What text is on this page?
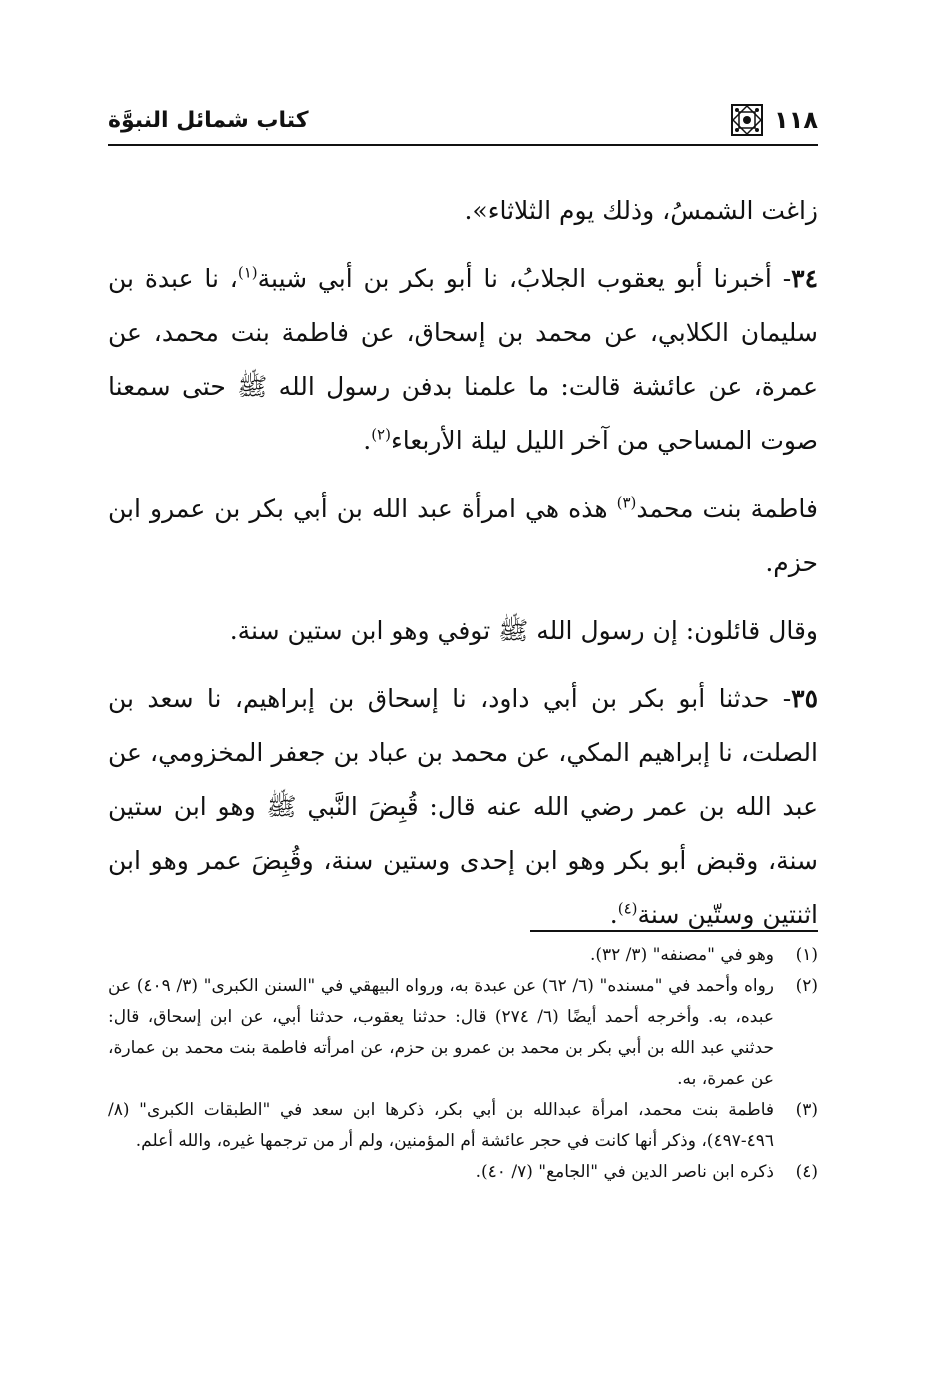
كتاب شمائل النبوَّة	١١٨

زاغت الشمسُ، وذلك يوم الثلاثاء».

٣٤- أخبرنا أبو يعقوب الجلابُ، نا أبو بكر بن أبي شيبة$^{(١)}$، نا عبدة بن سليمان الكلابي، عن محمد بن إسحاق، عن فاطمة بنت محمد، عن عمرة، عن عائشة قالت: ما علمنا بدفن رسول الله ﷺ حتى سمعنا صوت المساحي من آخر الليل ليلة الأربعاء$^{(٢)}$.

فاطمة بنت محمد$^{(٣)}$ هذه هي امرأة عبد الله بن أبي بكر بن عمرو ابن حزم.

وقال قائلون: إن رسول الله ﷺ توفي وهو ابن ستين سنة.

٣٥- حدثنا أبو بكر بن أبي داود، نا إسحاق بن إبراهيم، نا سعد بن الصلت، نا إبراهيم المكي، عن محمد بن عباد بن جعفر المخزومي، عن عبد الله بن عمر رضي الله عنه قال: قُبِضَ النَّبي ﷺ وهو ابن ستين سنة، وقبض أبو بكر وهو ابن إحدى وستين سنة، وقُبِضَ عمر وهو ابن اثنتين وستّين سنة$^{(٤)}$.

(١)
وهو في "مصنفه" (٣/ ٣٢).
(٢)
رواه وأحمد في "مسنده" (٦/ ٦٢) عن عبدة به، ورواه البيهقي في "السنن الكبرى" (٣/ ٤٠٩) عن عبده، به. وأخرجه أحمد أيضًا (٦/ ٢٧٤) قال: حدثنا يعقوب، حدثنا أبي، عن ابن إسحاق، قال: حدثني عبد الله بن أبي بكر بن محمد بن عمرو بن حزم، عن امرأته فاطمة بنت محمد بن عمارة، عن عمرة، به.
(٣)
فاطمة بنت محمد، امرأة عبدالله بن أبي بكر، ذكرها ابن سعد في "الطبقات الكبرى" (٨/ ٤٩٦-٤٩٧)، وذكر أنها كانت في حجر عائشة أم المؤمنين، ولم أر من ترجمها غيره، والله أعلم.
(٤)
ذكره ابن ناصر الدين في "الجامع" (٧/ ٤٠).
